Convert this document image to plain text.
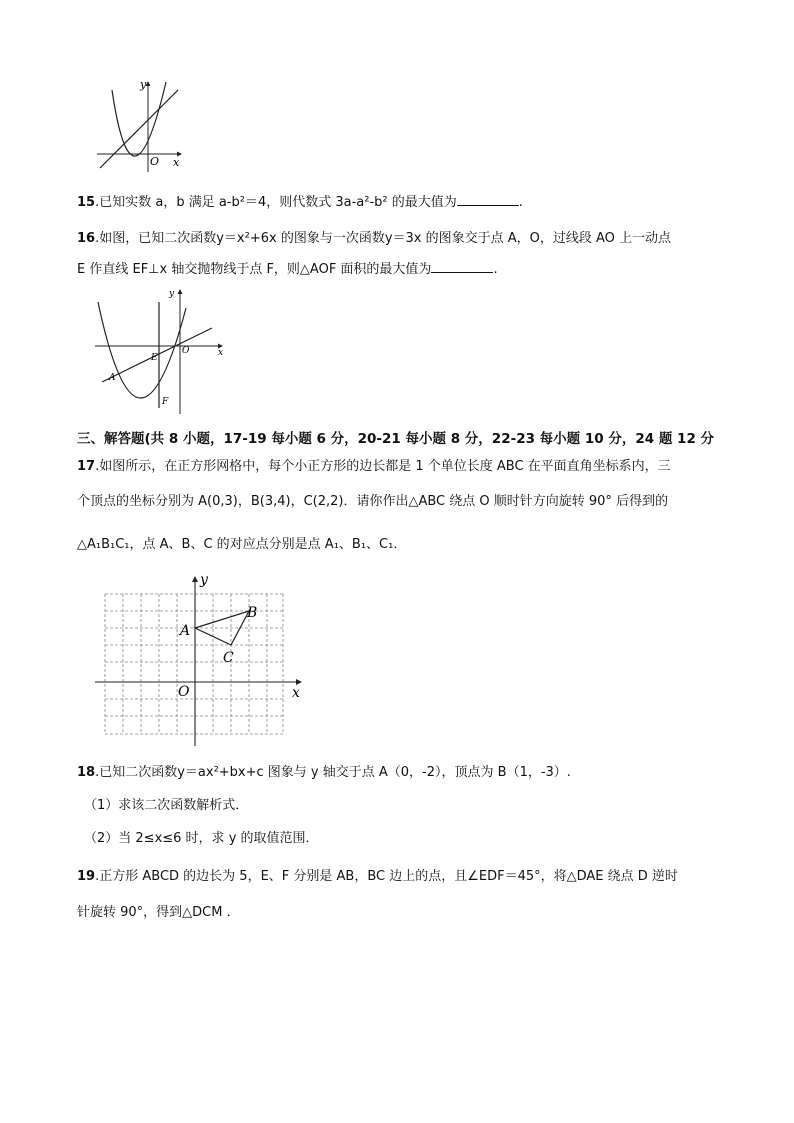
y
x
O
15.已知实数 a，b 满足 a-b²＝4，则代数式 3a-a²-b² 的最大值为	.
16.如图，已知二次函数y＝x²+6x 的图象与一次函数y＝3x 的图象交于点 A，O，过线段 AO 上一动点
E 作直线 EF⊥x 轴交抛物线于点 F，则△AOF 面积的最大值为	.
y
x
O
E
A
F
三、解答题(共 8 小题，17-19 每小题 6 分，20-21 每小题 8 分，22-23 每小题 10 分，24 题 12 分
17.如图所示，在正方形网格中，每个小正方形的边长都是 1 个单位长度 ABC 在平面直角坐标系内，三
个顶点的坐标分别为 A(0,3)，B(3,4)，C(2,2)．请你作出△ABC 绕点 O 顺时针方向旋转 90° 后得到的
△A₁B₁C₁，点 A、B、C 的对应点分别是点 A₁、B₁、C₁．
y
x
O
A
B
C
18.已知二次函数y＝ax²+bx+c 图象与 y 轴交于点 A（0，-2），顶点为 B（1，-3）.
（1）求该二次函数解析式．
（2）当 2≤x≤6 时，求 y 的取值范围．
19.正方形 ABCD 的边长为 5，E、F 分别是 AB，BC 边上的点，且∠EDF＝45°，将△DAE 绕点 D 逆时
针旋转 90°，得到△DCM ．
